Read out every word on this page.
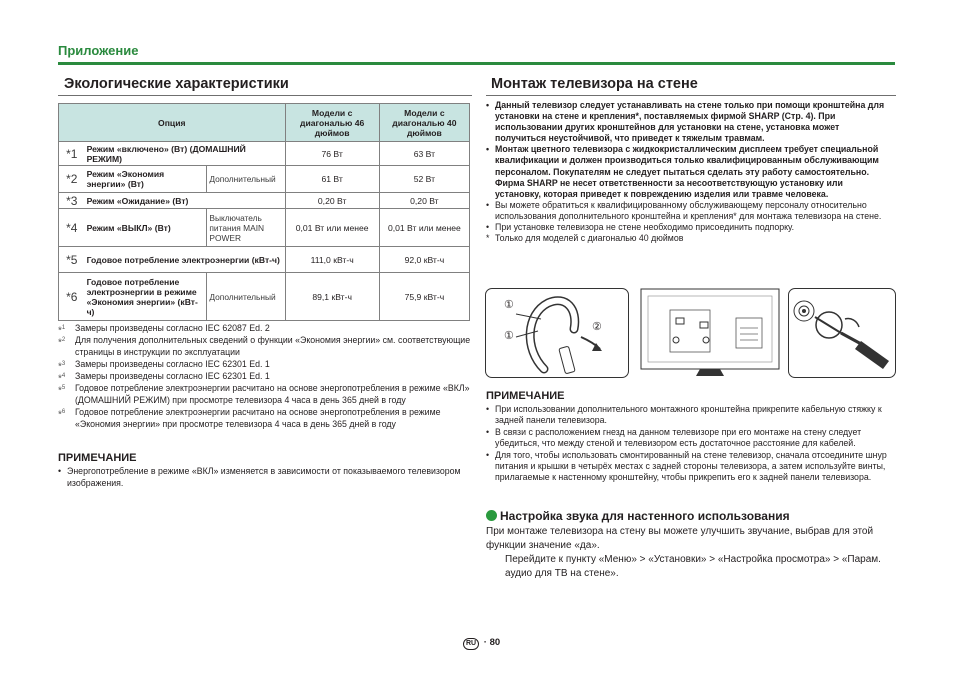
Приложение
Экологические характеристики
Опция			Модели с диагональю 46 дюймов	Модели с диагональю 40 дюймов
*1	Режим «включено» (Вт) (ДОМАШНИЙ РЕЖИМ)		76 Вт	63 Вт
*2	Режим «Экономия энергии» (Вт)	Дополнительный	61 Вт	52 Вт
*3	Режим «Ожидание» (Вт)		0,20 Вт	0,20 Вт
*4	Режим «ВЫКЛ» (Вт)	Выключатель питания MAIN POWER	0,01 Вт или менее	0,01 Вт или менее
*5	Годовое потребление электроэнергии (кВт-ч)		111,0 кВт-ч	92,0 кВт-ч
*6	Годовое потребление электроэнергии в режиме «Экономия энергии» (кВт-ч)	Дополнительный	89,1 кВт-ч	75,9 кВт-ч
*$^1$ Замеры произведены согласно IEC 62087 Ed. 2
*$^2$ Для получения дополнительных сведений о функции «Экономия энергии» см. соответствующие страницы в инструкции по эксплуатации
*$^3$ Замеры произведены согласно IEC 62301 Ed. 1
*$^4$ Замеры произведены согласно IEC 62301 Ed. 1
*$^5$ Годовое потребление электроэнергии расчитано на основе энергопотребления в режиме «ВКЛ» (ДОМАШНИЙ РЕЖИМ) при просмотре телевизора 4 часа в день 365 дней в году
*$^6$ Годовое потребление электроэнергии расчитано на основе энергопотребления в режиме «Экономия энергии» при просмотре телевизора 4 часа в день 365 дней в году
ПРИМЕЧАНИЕ
• Энергопотребление в режиме «ВКЛ» изменяется в зависимости от показываемого телевизором изображения.
Монтаж телевизора на стене
• Данный телевизор следует устанавливать на стене только при помощи кронштейна для установки на стене и крепления*, поставляемых фирмой SHARP (Стр. 4). При использовании других кронштейнов для установки на стене, установка может получиться неустойчивой, что приведет к тяжелым травмам.
• Монтаж цветного телевизора с жидкокристаллическим дисплеем требует специальной квалификации и должен производиться только квалифицированным обслуживающим персоналом. Покупателям не следует пытаться сделать эту работу самостоятельно. Фирма SHARP не несет ответственности за несоответствующую установку или установку, которая приведет к повреждению изделия или травме человека.
• Вы можете обратиться к квалифицированному обслуживающему персоналу относительно использования дополнительного кронштейна и крепления* для монтажа телевизора на стене.
• При установке телевизора не стене необходимо присоединить подпорку.
* Только для моделей с диагональю 40 дюймов
①
①
②
ПРИМЕЧАНИЕ
• При использовании дополнительного монтажного кронштейна прикрепите кабельную стяжку к задней панели телевизора.
• В связи с расположением гнезд на данном телевизоре при его монтаже на стену следует убедиться, что между стеной и телевизором есть достаточное расстояние для кабелей.
• Для того, чтобы использовать смонтированный на стене телевизор, сначала отсоедините шнур питания и крышки в четырёх местах с задней стороны телевизора, а затем используйте винты, прилагаемые к настенному кронштейну, чтобы прикрепить его к задней панели телевизора.
Настройка звука для настенного использования
При монтаже телевизора на стену вы можете улучшить звучание, выбрав для этой функции значение «да».
Перейдите к пункту «Меню» > «Установки» > «Настройка просмотра» > «Парам. аудио для ТВ на стене».
RU · 80
